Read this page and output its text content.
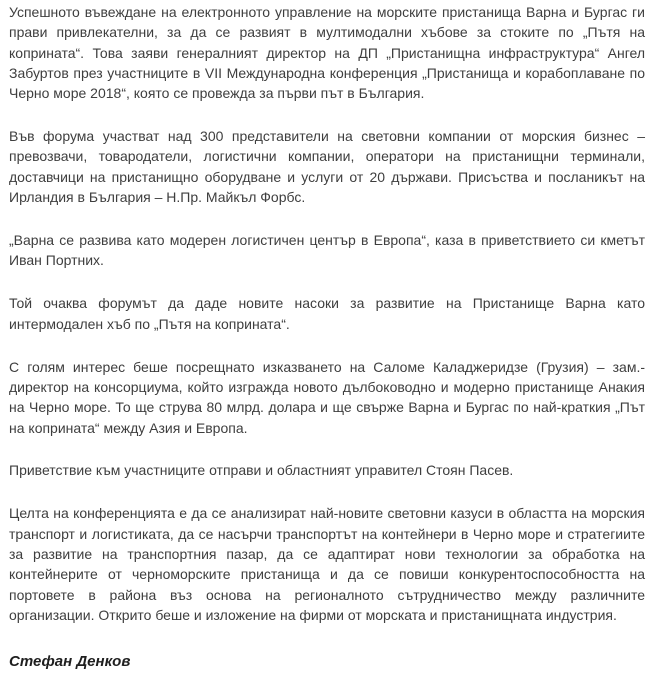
Успешното въвеждане на електронното управление на морските пристанища Варна и Бургас ги прави привлекателни, за да се развият в мултимодални хъбове за стоките по „Пътя на коприната“. Това заяви генералният директор на ДП „Пристанищна инфраструктура“ Ангел Забуртов през участниците в VII Международна конференция „Пристанища и корабоплаване по Черно море 2018“, която се провежда за първи път в България.

Във форума участват над 300 представители на световни компании от морския бизнес – превозвачи, товародатели, логистични компании, оператори на пристанищни терминали, доставчици на пристанищно оборудване и услуги от 20 държави. Присъства и посланикът на Ирландия в България – Н.Пр. Майкъл Форбс.

„Варна се развива като модерен логистичен център в Европа“, каза в приветствието си кметът Иван Портних.

Той очаква форумът да даде новите насоки за развитие на Пристанище Варна като интермодален хъб по „Пътя на коприната“.

С голям интерес беше посрещнато изказването на Саломе Каладжеридзе (Грузия) – зам.-директор на консорциума, който изгражда новото дълбоководно и модерно пристанище Анакия на Черно море. То ще струва 80 млрд. долара и ще свърже Варна и Бургас по най-краткия „Път на коприната“ между Азия и Европа.

Приветствие към участниците отправи и областният управител Стоян Пасев.

Целта на конференцията е да се анализират най-новите световни казуси в областта на морския транспорт и логистиката, да се насърчи транспортът на контейнери в Черно море и стратегиите за развитие на транспортния пазар, да се адаптират нови технологии за обработка на контейнерите от черноморските пристанища и да се повиши конкурентоспособността на портовете в района въз основа на регионалното сътрудничество между различните организации. Открито беше и изложение на фирми от морската и пристанищната индустрия.

Стефан Денков
